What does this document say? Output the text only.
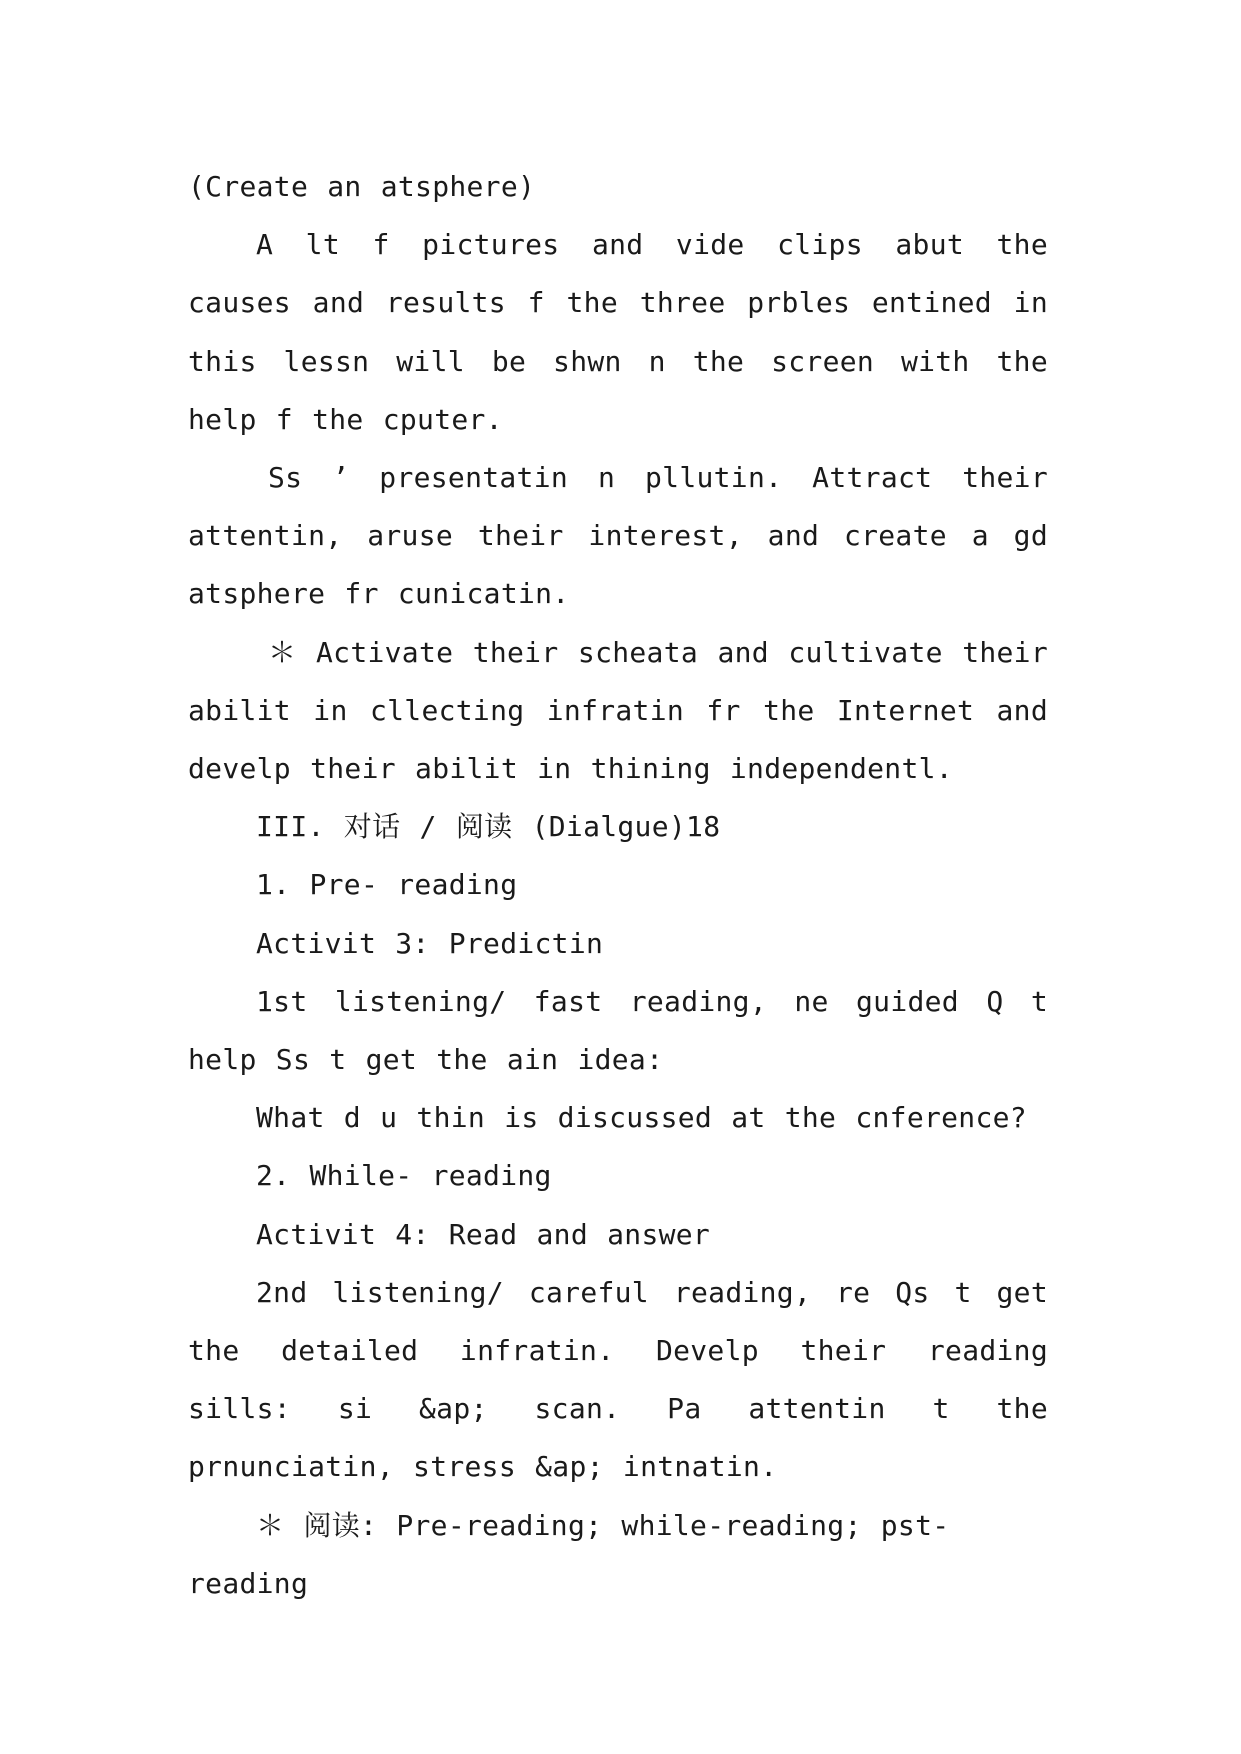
(Create an atsphere)

A lt f pictures and vide clips abut the causes and results f the three prbles entined in this lessn will be shwn n the screen with the help f the cputer.

Ss ’ presentatin n pllutin. Attract their attentin, aruse their interest, and create a gd atsphere fr cunicatin.

＊ Activate their scheata and cultivate their abilit in cllecting infratin fr the Internet and develp their abilit in thining independentl.

III. 对话 / 阅读 (Dialgue)18

1. Pre- reading

Activit 3: Predictin

1st listening/ fast reading, ne guided Q t help Ss t get the ain idea:

What d u thin is discussed at the cnference?

2. While- reading

Activit 4: Read and answer

2nd listening/ careful reading, re Qs t get the detailed infratin. Develp their reading sills: si &ap; scan. Pa attentin t the prnunciatin, stress &ap; intnatin.

＊ 阅读: Pre-reading; while-reading; pst-reading
